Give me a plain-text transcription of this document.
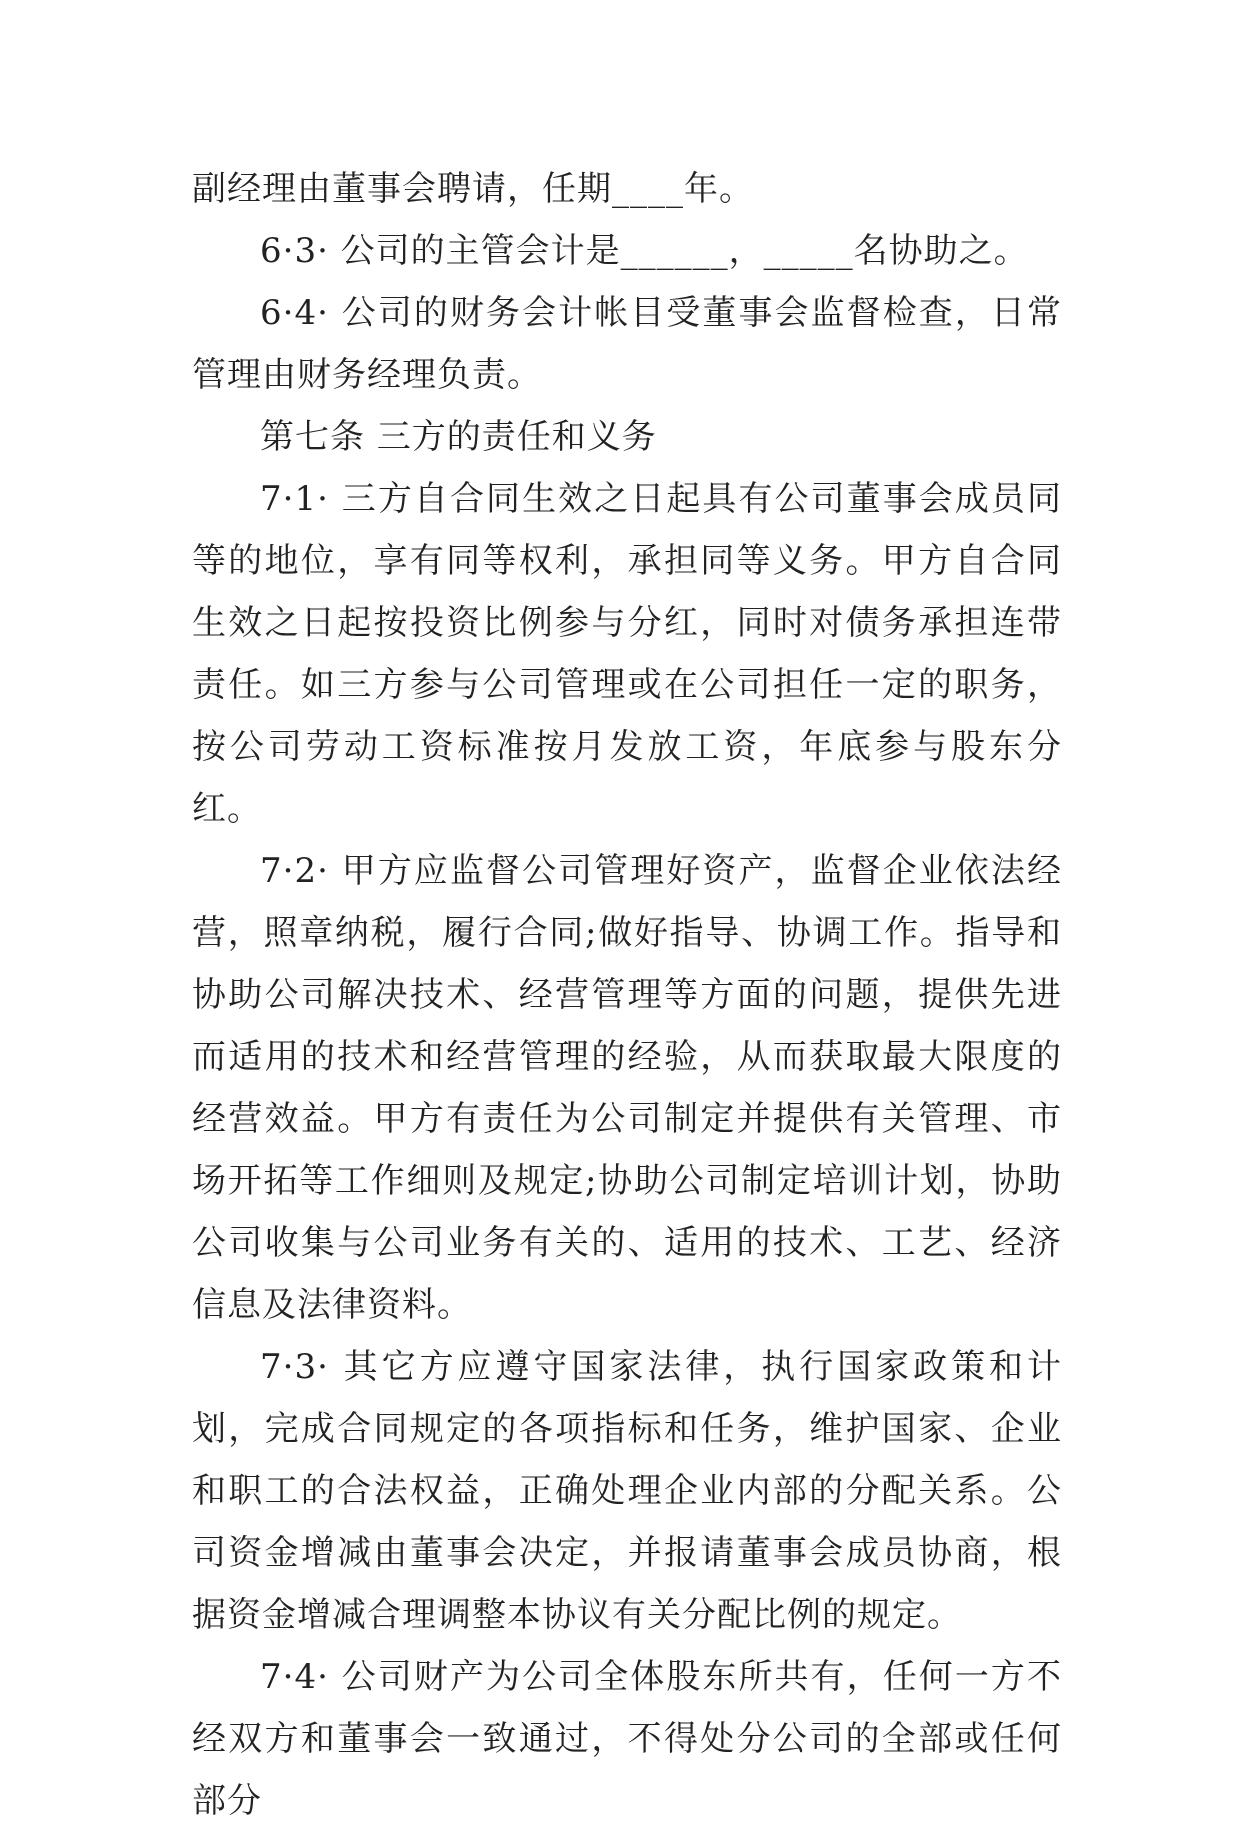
副经理由董事会聘请，任期____年。

6·3· 公司的主管会计是______，_____名协助之。

6·4· 公司的财务会计帐目受董事会监督检查，日常管理由财务经理负责。

第七条 三方的责任和义务

7·1· 三方自合同生效之日起具有公司董事会成员同等的地位，享有同等权利，承担同等义务。甲方自合同生效之日起按投资比例参与分红，同时对债务承担连带责任。如三方参与公司管理或在公司担任一定的职务，按公司劳动工资标准按月发放工资，年底参与股东分红。

7·2· 甲方应监督公司管理好资产，监督企业依法经营，照章纳税，履行合同;做好指导、协调工作。指导和协助公司解决技术、经营管理等方面的问题，提供先进而适用的技术和经营管理的经验，从而获取最大限度的经营效益。甲方有责任为公司制定并提供有关管理、市场开拓等工作细则及规定;协助公司制定培训计划，协助公司收集与公司业务有关的、适用的技术、工艺、经济信息及法律资料。

7·3· 其它方应遵守国家法律，执行国家政策和计划，完成合同规定的各项指标和任务，维护国家、企业和职工的合法权益，正确处理企业内部的分配关系。公司资金增减由董事会决定，并报请董事会成员协商，根据资金增减合理调整本协议有关分配比例的规定。

7·4· 公司财产为公司全体股东所共有，任何一方不经双方和董事会一致通过，不得处分公司的全部或任何部分
